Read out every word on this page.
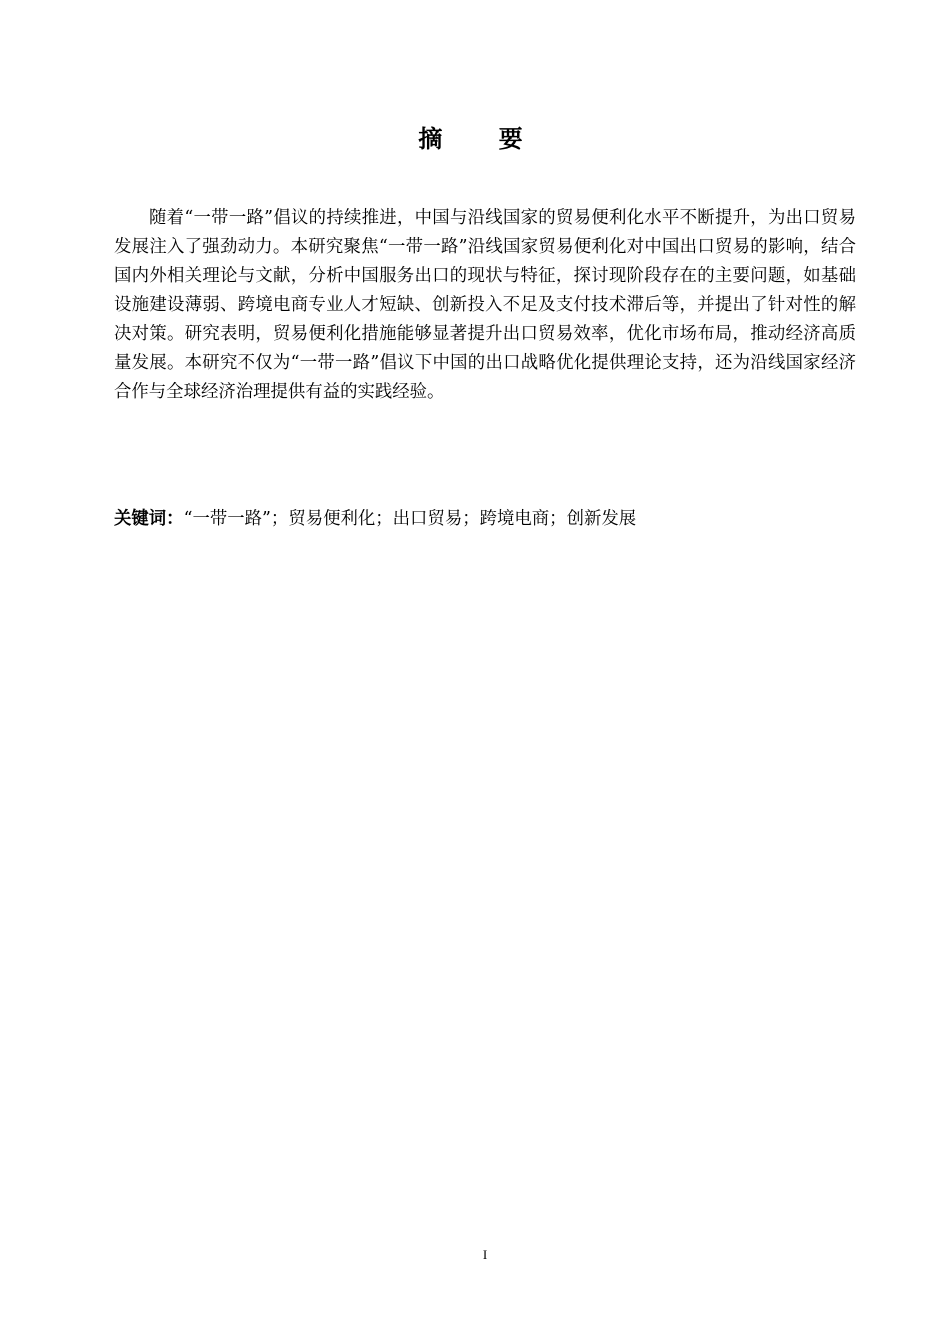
摘 要

随着“一带一路”倡议的持续推进，中国与沿线国家的贸易便利化水平不断提升，为出口贸易发展注入了强劲动力。本研究聚焦“一带一路”沿线国家贸易便利化对中国出口贸易的影响，结合国内外相关理论与文献，分析中国服务出口的现状与特征，探讨现阶段存在的主要问题，如基础设施建设薄弱、跨境电商专业人才短缺、创新投入不足及支付技术滞后等，并提出了针对性的解决对策。研究表明，贸易便利化措施能够显著提升出口贸易效率，优化市场布局，推动经济高质量发展。本研究不仅为“一带一路”倡议下中国的出口战略优化提供理论支持，还为沿线国家经济合作与全球经济治理提供有益的实践经验。

关键词：“一带一路”；贸易便利化；出口贸易；跨境电商；创新发展
I
